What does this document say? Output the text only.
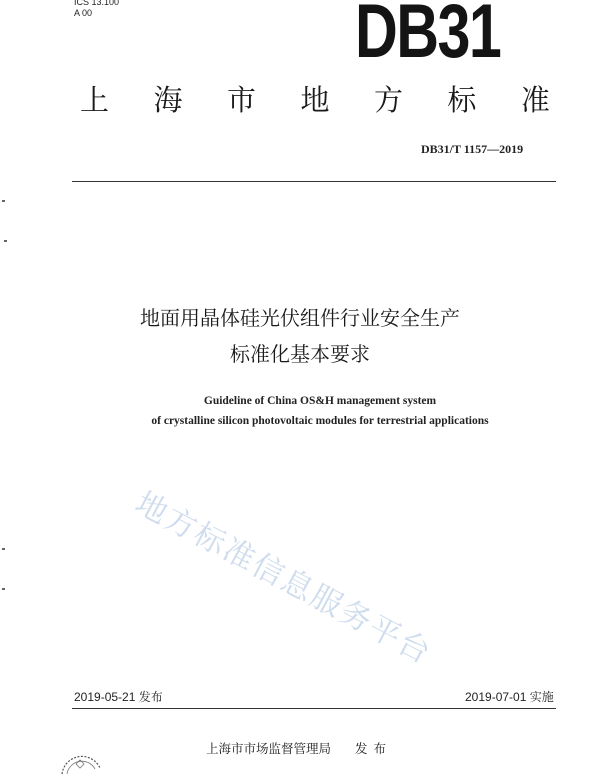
ICS 13.100
A 00	DB31
上 海 市 地 方 标 准
DB31/T 1157—2019
地面用晶体硅光伏组件行业安全生产
标准化基本要求
Guideline of China OS&H management system
of crystalline silicon photovoltaic modules for terrestrial applications
地方标准信息服务平台
2019-05-21 发布	2019-07-01 实施
上海市市场监督管理局 发布
